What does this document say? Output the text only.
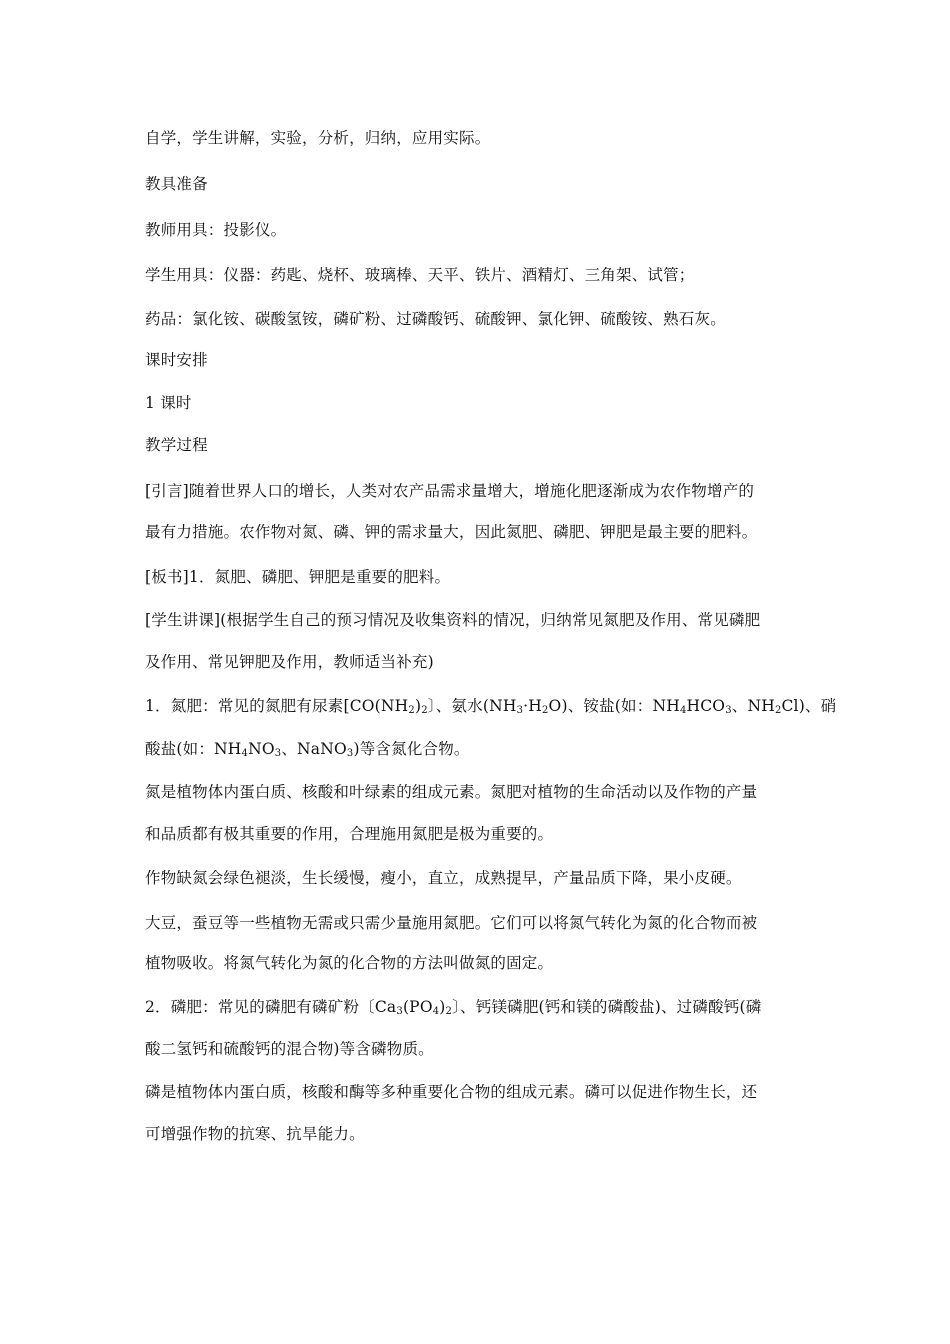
自学，学生讲解，实验，分析，归纳，应用实际。
教具准备
教师用具：投影仪。
学生用具：仪器：药匙、烧杯、玻璃棒、天平、铁片、酒精灯、三角架、试管；
药品：氯化铵、碳酸氢铵，磷矿粉、过磷酸钙、硫酸钾、氯化钾、硫酸铵、熟石灰。
课时安排
1 课时
教学过程
[引言]随着世界人口的增长，人类对农产品需求量增大，增施化肥逐渐成为农作物增产的
最有力措施。农作物对氮、磷、钾的需求量大，因此氮肥、磷肥、钾肥是最主要的肥料。
[板书]1．氮肥、磷肥、钾肥是重要的肥料。
[学生讲课](根据学生自己的预习情况及收集资料的情况，归纳常见氮肥及作用、常见磷肥
及作用、常见钾肥及作用，教师适当补充)
1．氮肥：常见的氮肥有尿素[$CO(NH_2)_2$〕、氨水$(NH_3\cdot H_2O)$、铵盐(如：$NH_4HCO_3$、$NH_2Cl$)、硝
酸盐(如：$NH_4NO_3$、NaNO$_3$)等含氮化合物。
氮是植物体内蛋白质、核酸和叶绿素的组成元素。氮肥对植物的生命活动以及作物的产量
和品质都有极其重要的作用，合理施用氮肥是极为重要的。
作物缺氮会绿色褪淡，生长缓慢，瘦小，直立，成熟提早，产量品质下降，果小皮硬。
大豆，蚕豆等一些植物无需或只需少量施用氮肥。它们可以将氮气转化为氮的化合物而被
植物吸收。将氮气转化为氮的化合物的方法叫做氮的固定。
2．磷肥：常见的磷肥有磷矿粉〔$Ca_3(PO_4)_2$〕、钙镁磷肥(钙和镁的磷酸盐)、过磷酸钙(磷
酸二氢钙和硫酸钙的混合物)等含磷物质。
磷是植物体内蛋白质，核酸和酶等多种重要化合物的组成元素。磷可以促进作物生长，还
可增强作物的抗寒、抗旱能力。
